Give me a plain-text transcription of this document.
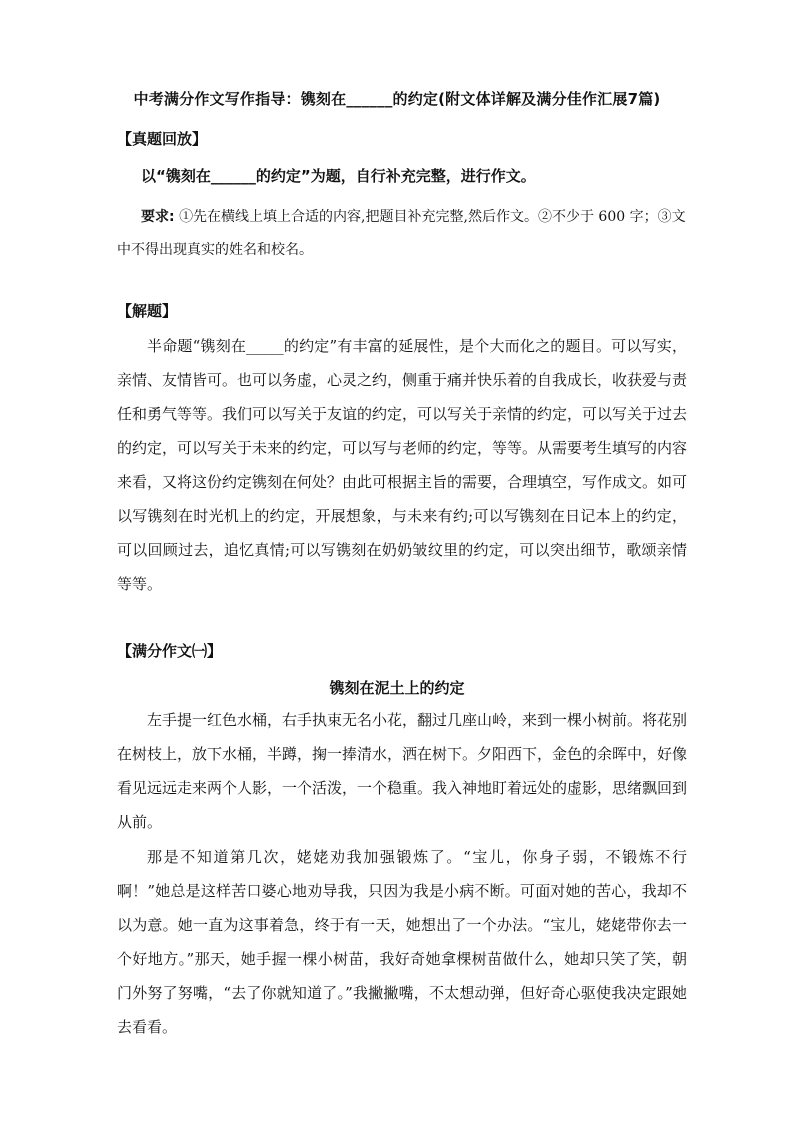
中考满分作文写作指导：镌刻在______的约定(附文体详解及满分佳作汇展7篇)
【真题回放】
以“镌刻在______的约定”为题，自行补充完整，进行作文。
要求: ①先在横线上填上合适的内容,把题目补充完整,然后作文。②不少于 600 字；③文中不得出现真实的姓名和校名。
【解题】
半命题“镌刻在_____的约定”有丰富的延展性，是个大而化之的题目。可以写实，亲情、友情皆可。也可以务虚，心灵之约，侧重于痛并快乐着的自我成长，收获爱与责任和勇气等等。我们可以写关于友谊的约定，可以写关于亲情的约定，可以写关于过去的约定，可以写关于未来的约定，可以写与老师的约定，等等。从需要考生填写的内容来看，又将这份约定镌刻在何处？由此可根据主旨的需要，合理填空，写作成文。如可以写镌刻在时光机上的约定，开展想象，与未来有约;可以写镌刻在日记本上的约定，可以回顾过去，追忆真情;可以写镌刻在奶奶皱纹里的约定，可以突出细节，歌颂亲情等等。
【满分作文㈠】
镌刻在泥土上的约定
左手提一红色水桶，右手执束无名小花，翻过几座山岭，来到一棵小树前。将花别在树枝上，放下水桶，半蹲，掬一捧清水，洒在树下。夕阳西下，金色的余晖中，好像看见远远走来两个人影，一个活泼，一个稳重。我入神地盯着远处的虚影，思绪飘回到从前。
那是不知道第几次，姥姥劝我加强锻炼了。“宝儿，你身子弱，不锻炼不行啊！”她总是这样苦口婆心地劝导我，只因为我是小病不断。可面对她的苦心，我却不以为意。她一直为这事着急，终于有一天，她想出了一个办法。“宝儿，姥姥带你去一个好地方。”那天，她手握一棵小树苗，我好奇她拿棵树苗做什么，她却只笑了笑，朝门外努了努嘴，“去了你就知道了。”我撇撇嘴，不太想动弹，但好奇心驱使我决定跟她去看看。
